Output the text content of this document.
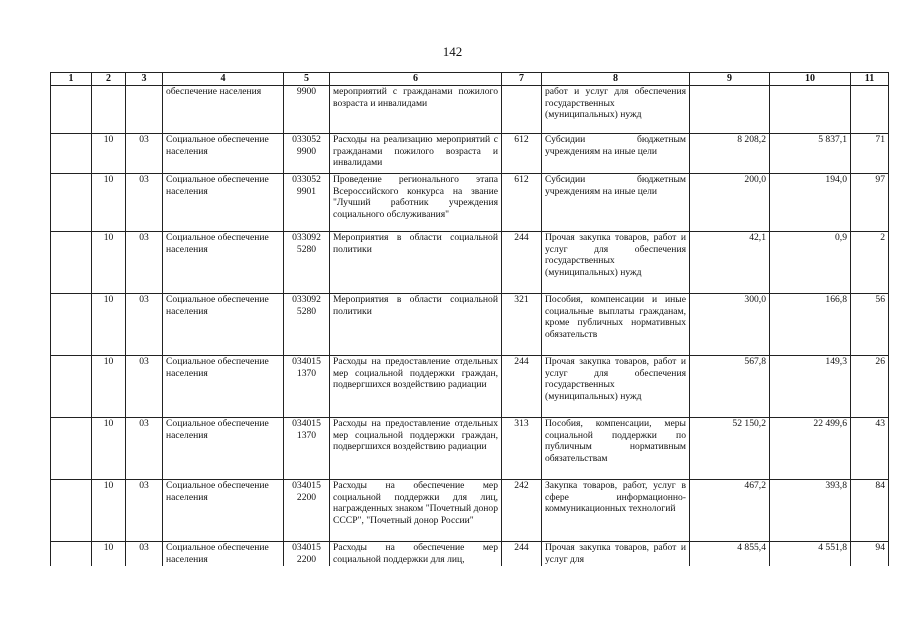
142
1	2	3	4	5	6	7	8	9	10	11
			обеспечение населения	9900	мероприятий с гражданами пожилого возраста и инвалидами		работ и услуг для обеспечения государственных (муниципальных) нужд			
	10	03	Социальное обеспечение населения	033052 9900	Расходы на реализацию мероприятий с гражданами пожилого возраста и инвалидами	612	Субсидии бюджетным учреждениям на иные цели	8 208,2	5 837,1	71
	10	03	Социальное обеспечение населения	033052 9901	Проведение регионального этапа Всероссийского конкурса на звание "Лучший работник учреждения социального обслуживания"	612	Субсидии бюджетным учреждениям на иные цели	200,0	194,0	97
	10	03	Социальное обеспечение населения	033092 5280	Мероприятия в области социальной политики	244	Прочая закупка товаров, работ и услуг для обеспечения государственных (муниципальных) нужд	42,1	0,9	2
	10	03	Социальное обеспечение населения	033092 5280	Мероприятия в области социальной политики	321	Пособия, компенсации и иные социальные выплаты гражданам, кроме публичных нормативных обязательств	300,0	166,8	56
	10	03	Социальное обеспечение населения	034015 1370	Расходы на предоставление отдельных мер социальной поддержки граждан, подвергшихся воздействию радиации	244	Прочая закупка товаров, работ и услуг для обеспечения государственных (муниципальных) нужд	567,8	149,3	26
	10	03	Социальное обеспечение населения	034015 1370	Расходы на предоставление отдельных мер социальной поддержки граждан, подвергшихся воздействию радиации	313	Пособия, компенсации, меры социальной поддержки по публичным нормативным обязательствам	52 150,2	22 499,6	43
	10	03	Социальное обеспечение населения	034015 2200	Расходы на обеспечение мер социальной поддержки для лиц, награжденных знаком "Почетный донор СССР", "Почетный донор России"	242	Закупка товаров, работ, услуг в сфере информационно-коммуникационных технологий	467,2	393,8	84
	10	03	Социальное обеспечение населения	034015 2200	Расходы на обеспечение мер социальной поддержки для лиц,	244	Прочая закупка товаров, работ и услуг для	4 855,4	4 551,8	94
